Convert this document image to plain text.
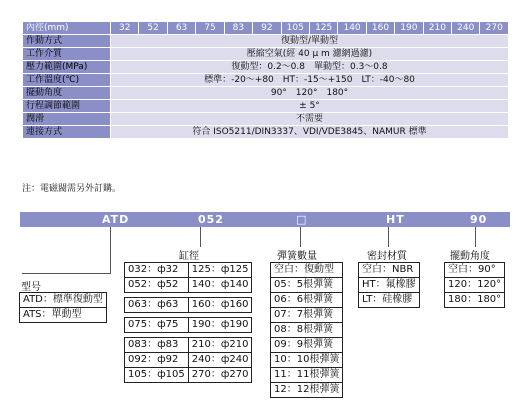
內徑(mm)	32	52	63	75	83	92	105	125	140	160	190	210	240	270
作動方式	復動型/單動型													
工作介質	壓縮空氣(經 40 μ m 濾網過濾)													
壓力範圍(MPa)	復動型：0.2～0.8　單動型：0.3～0.8													
工作溫度(℃)	標準：-20～+80　HT：-15～+150　LT：-40～80													
擺動角度	90°　120°　180°													
行程調節範圍	± 5°													
潤滑	不需要													
連接方式	符合 ISO5211/DIN3337、VDI/VDE3845、NAMUR 標準													
注：電磁閥需另外訂購。
ATD	052	□	HT	90
型号
ATD：標準復動型
ATS：單動型
缸徑
032：ф32	125：ф125
052：ф52	140：ф140

063：ф63	160：ф160

075：ф75	190：ф190

083：ф83	210：ф210
092：ф92	240：ф240
105：ф105	270：ф270
彈簧數量
空白：復動型
05：5根彈簧
06：6根彈簧
07：7根彈簧
08：8根彈簧
09：9根彈簧
10：10根彈簧
11：11根彈簧
12：12根彈簧
密封材質
空白：NBR
HT：氟橡膠
LT：硅橡膠
擺動角度
空白：90°
120：120°
180：180°
